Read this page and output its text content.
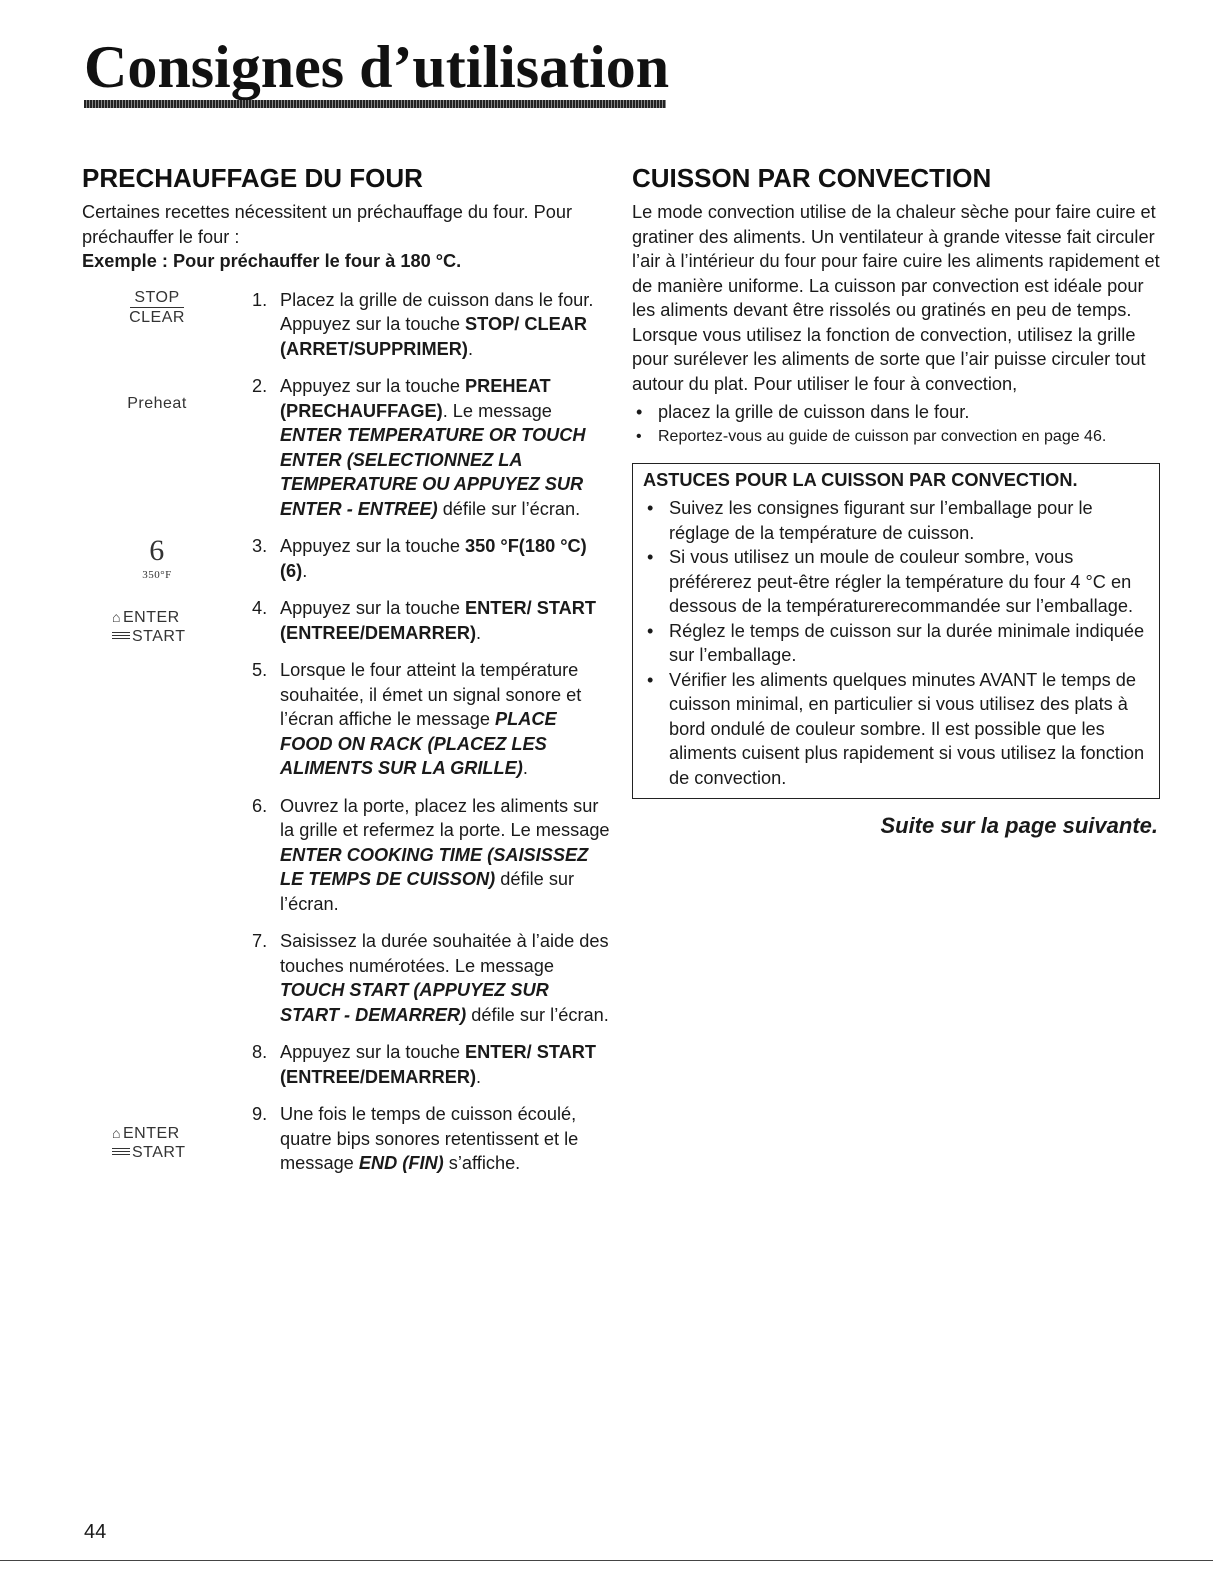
Consignes d’utilisation
PRECHAUFFAGE DU FOUR

Certaines recettes nécessitent un préchauffage du four. Pour préchauffer le four :

Exemple : Pour préchauffer le four à 180 °C.

STOP
CLEAR
Preheat
6
350°F
⌂ ENTER
START
⌂ ENTER
START
1. Placez la grille de cuisson dans le four. Appuyez sur la touche STOP/ CLEAR (ARRET/SUPPRIMER).
2. Appuyez sur la touche PREHEAT (PRECHAUFFAGE). Le message ENTER TEMPERATURE OR TOUCH ENTER (SELECTIONNEZ LA TEMPERATURE OU APPUYEZ SUR ENTER - ENTREE) défile sur l’écran.
3. Appuyez sur la touche 350 °F(180 °C) (6).
4. Appuyez sur la touche ENTER/ START (ENTREE/DEMARRER).
5. Lorsque le four atteint la température souhaitée, il émet un signal sonore et l’écran affiche le message PLACE FOOD ON RACK (PLACEZ LES ALIMENTS SUR LA GRILLE).
6. Ouvrez la porte, placez les aliments sur la grille et refermez la porte. Le message ENTER COOKING TIME (SAISISSEZ LE TEMPS DE CUISSON) défile sur l’écran.
7. Saisissez la durée souhaitée à l’aide des touches numérotées. Le message TOUCH START (APPUYEZ SUR START - DEMARRER) défile sur l’écran.
8. Appuyez sur la touche ENTER/ START (ENTREE/DEMARRER).
9. Une fois le temps de cuisson écoulé, quatre bips sonores retentissent et le message END (FIN) s’affiche.
CUISSON PAR CONVECTION

Le mode convection utilise de la chaleur sèche pour faire cuire et gratiner des aliments. Un ventilateur à grande vitesse fait circuler l’air à l’intérieur du four pour faire cuire les aliments rapidement et de manière uniforme. La cuisson par convection est idéale pour les aliments devant être rissolés ou gratinés en peu de temps.

Lorsque vous utilisez la fonction de convection, utilisez la grille pour surélever les aliments de sorte que l’air puisse circuler tout autour du plat. Pour utiliser le four à convection,

• placez la grille de cuisson dans le four.
• Reportez-vous au guide de cuisson par convection en page 46.

ASTUCES POUR LA CUISSON PAR CONVECTION.

• Suivez les consignes figurant sur l’emballage pour le réglage de la température de cuisson.
• Si vous utilisez un moule de couleur sombre, vous préférerez peut-être régler la température du four 4 °C en dessous de la températurerecommandée sur l’emballage.
• Réglez le temps de cuisson sur la durée minimale indiquée sur l’emballage.
• Vérifier les aliments quelques minutes AVANT le temps de cuisson minimal, en particulier si vous utilisez des plats à bord ondulé de couleur sombre. Il est possible que les aliments cuisent plus rapidement si vous utilisez la fonction de convection.
Suite sur la page suivante.
44
